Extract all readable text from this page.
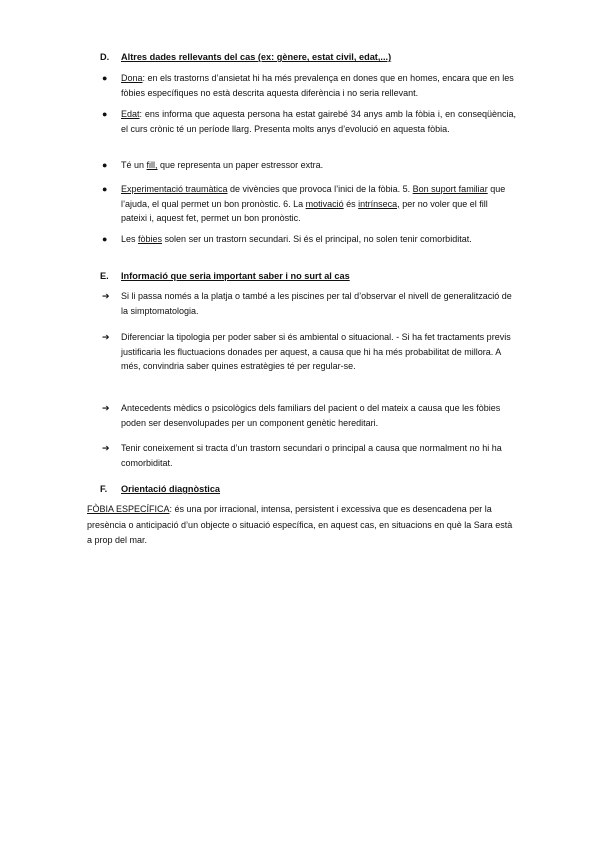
D.	Altres dades rellevants del cas (ex: gènere, estat civil, edat,...)
●	Dona: en els trastorns d’ansietat hi ha més prevalença en dones que en homes, encara que en les fòbies específiques no està descrita aquesta diferència i no seria rellevant.
●	Edat: ens informa que aquesta persona ha estat gairebé 34 anys amb la fòbia i, en conseqüència, el curs crònic té un període llarg. Presenta molts anys d’evolució en aquesta fòbia.
●	Té un fill, que representa un paper estressor extra.
●	Experimentació traumàtica de vivències que provoca l’inici de la fòbia. 5. Bon suport familiar que l’ajuda, el qual permet un bon pronòstic. 6. La motivació és intrínseca, per no voler que el fill pateixi i, aquest fet, permet un bon pronòstic.
●	Les fòbies solen ser un trastorn secundari. Si és el principal, no solen tenir comorbiditat.
E.	Informació que seria important saber i no surt al cas
➔	Si li passa només a la platja o també a les piscines per tal d’observar el nivell de generalització de la simptomatologia.
➔	Diferenciar la tipologia per poder saber si és ambiental o situacional. - Si ha fet tractaments previs justificaria les fluctuacions donades per aquest, a causa que hi ha més probabilitat de millora. A més, convindria saber quines estratègies té per regular-se.
➔	Antecedents mèdics o psicològics dels familiars del pacient o del mateix a causa que les fòbies poden ser desenvolupades per un component genètic hereditari.
➔	Tenir coneixement si tracta d’un trastorn secundari o principal a causa que normalment no hi ha comorbiditat.
F.	Orientació diagnòstica
FÒBIA ESPECÍFICA: és una por irracional, intensa, persistent i excessiva que es desencadena per la presència o anticipació d’un objecte o situació específica, en aquest cas, en situacions en què la Sara està a prop del mar.
